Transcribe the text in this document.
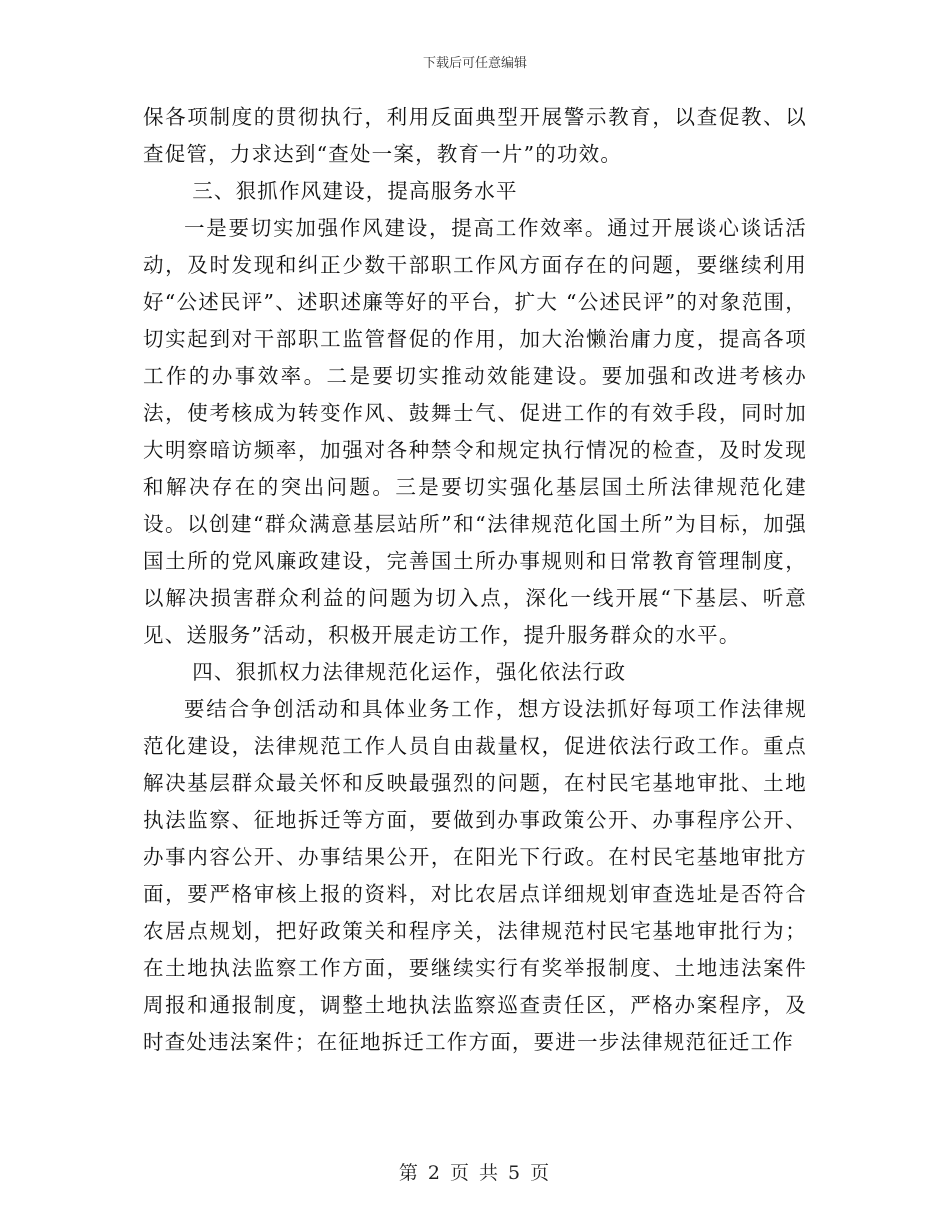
下载后可任意编辑

保各项制度的贯彻执行，利用反面典型开展警示教育，以查促教、以查促管，力求达到“查处一案，教育一片”的功效。

三、狠抓作风建设，提高服务水平

一是要切实加强作风建设，提高工作效率。通过开展谈心谈话活动，及时发现和纠正少数干部职工作风方面存在的问题，要继续利用好“公述民评”、述职述廉等好的平台，扩大 “公述民评”的对象范围，切实起到对干部职工监管督促的作用，加大治懒治庸力度，提高各项工作的办事效率。二是要切实推动效能建设。要加强和改进考核办法，使考核成为转变作风、鼓舞士气、促进工作的有效手段，同时加大明察暗访频率，加强对各种禁令和规定执行情况的检查，及时发现和解决存在的突出问题。三是要切实强化基层国土所法律规范化建设。以创建“群众满意基层站所”和“法律规范化国土所”为目标，加强国土所的党风廉政建设，完善国土所办事规则和日常教育管理制度，以解决损害群众利益的问题为切入点，深化一线开展“下基层、听意见、送服务”活动，积极开展走访工作，提升服务群众的水平。

四、狠抓权力法律规范化运作，强化依法行政

要结合争创活动和具体业务工作，想方设法抓好每项工作法律规范化建设，法律规范工作人员自由裁量权，促进依法行政工作。重点解决基层群众最关怀和反映最强烈的问题，在村民宅基地审批、土地执法监察、征地拆迁等方面，要做到办事政策公开、办事程序公开、办事内容公开、办事结果公开，在阳光下行政。在村民宅基地审批方面，要严格审核上报的资料，对比农居点详细规划审查选址是否符合农居点规划，把好政策关和程序关，法律规范村民宅基地审批行为；在土地执法监察工作方面，要继续实行有奖举报制度、土地违法案件周报和通报制度，调整土地执法监察巡查责任区，严格办案程序，及时查处违法案件；在征地拆迁工作方面，要进一步法律规范征迁工作

第 2 页 共 5 页
